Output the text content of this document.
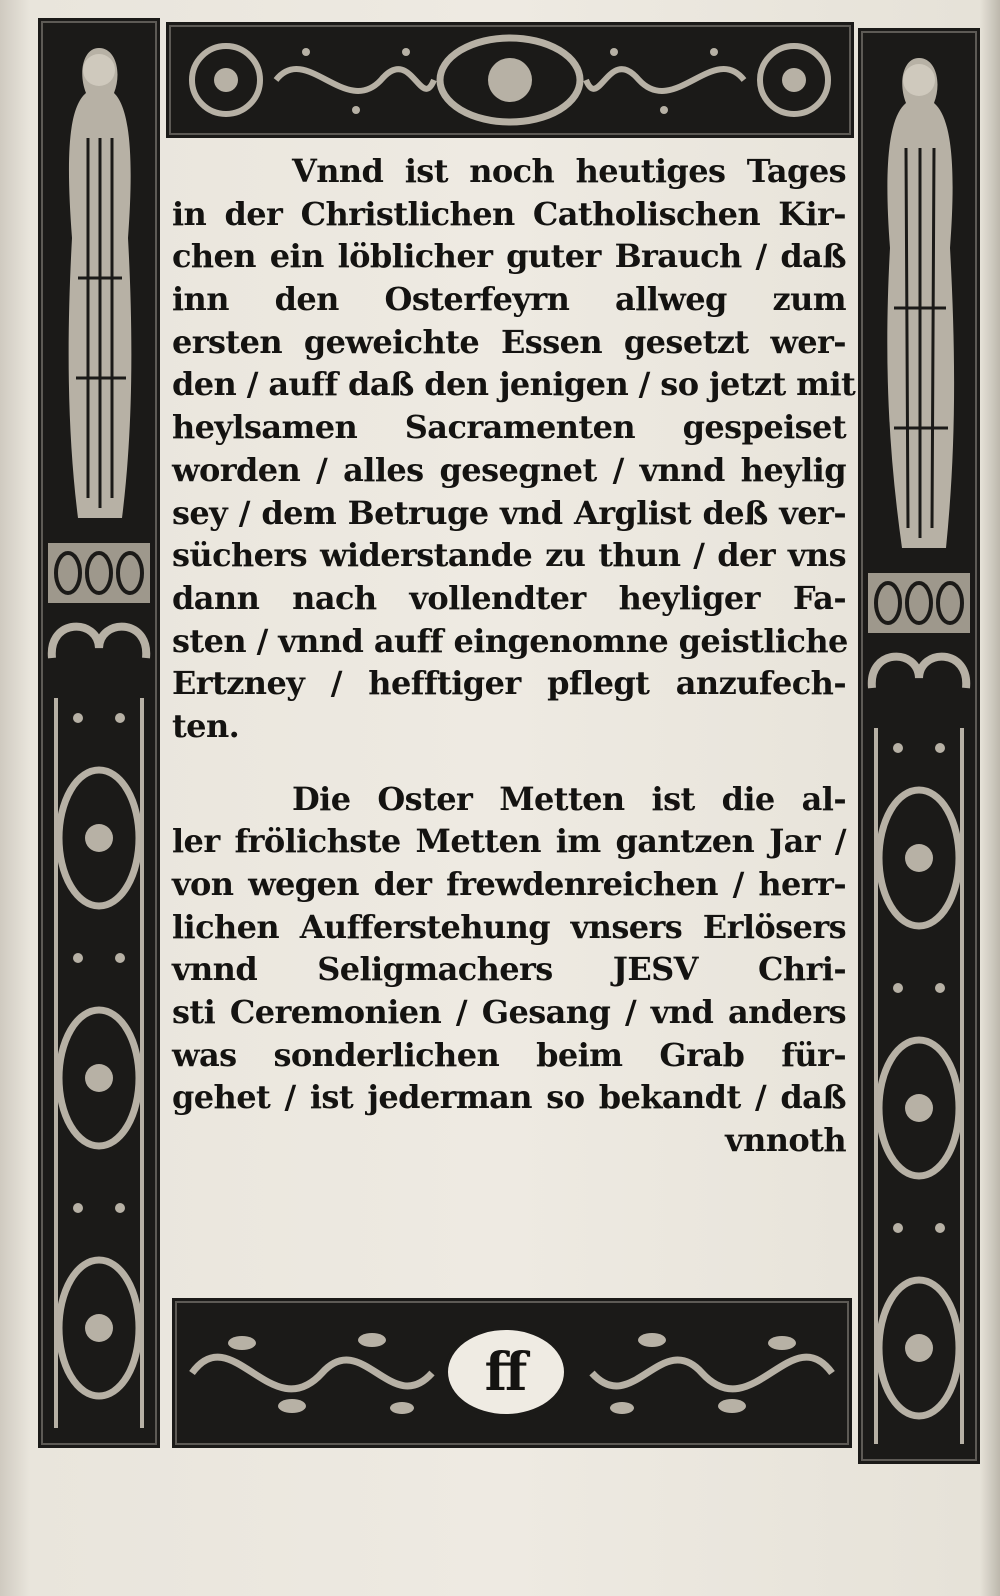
ff
Vnnd ist noch heutiges Tages
in der Christlichen Catholischen Kir-
chen ein löblicher guter Brauch / daß
inn den Osterfeyrn allweg zum
ersten geweichte Essen gesetzt wer-
den / auff daß den jenigen / so jetzt mit
heylsamen Sacramenten gespeiset
worden / alles gesegnet / vnnd heylig
sey / dem Betruge vnd Arglist deß ver-
süchers widerstande zu thun / der vns
dann nach vollendter heyliger Fa-
sten / vnnd auff eingenomne geistliche
Ertzney / hefftiger pflegt anzufech-
ten.
Die Oster Metten ist die al-
ler frölichste Metten im gantzen Jar /
von wegen der frewdenreichen / herr-
lichen Aufferstehung vnsers Erlösers
vnnd Seligmachers JESV Chri-
sti Ceremonien / Gesang / vnd anders
was sonderlichen beim Grab für-
gehet / ist jederman so bekandt / daß
vnnoth
